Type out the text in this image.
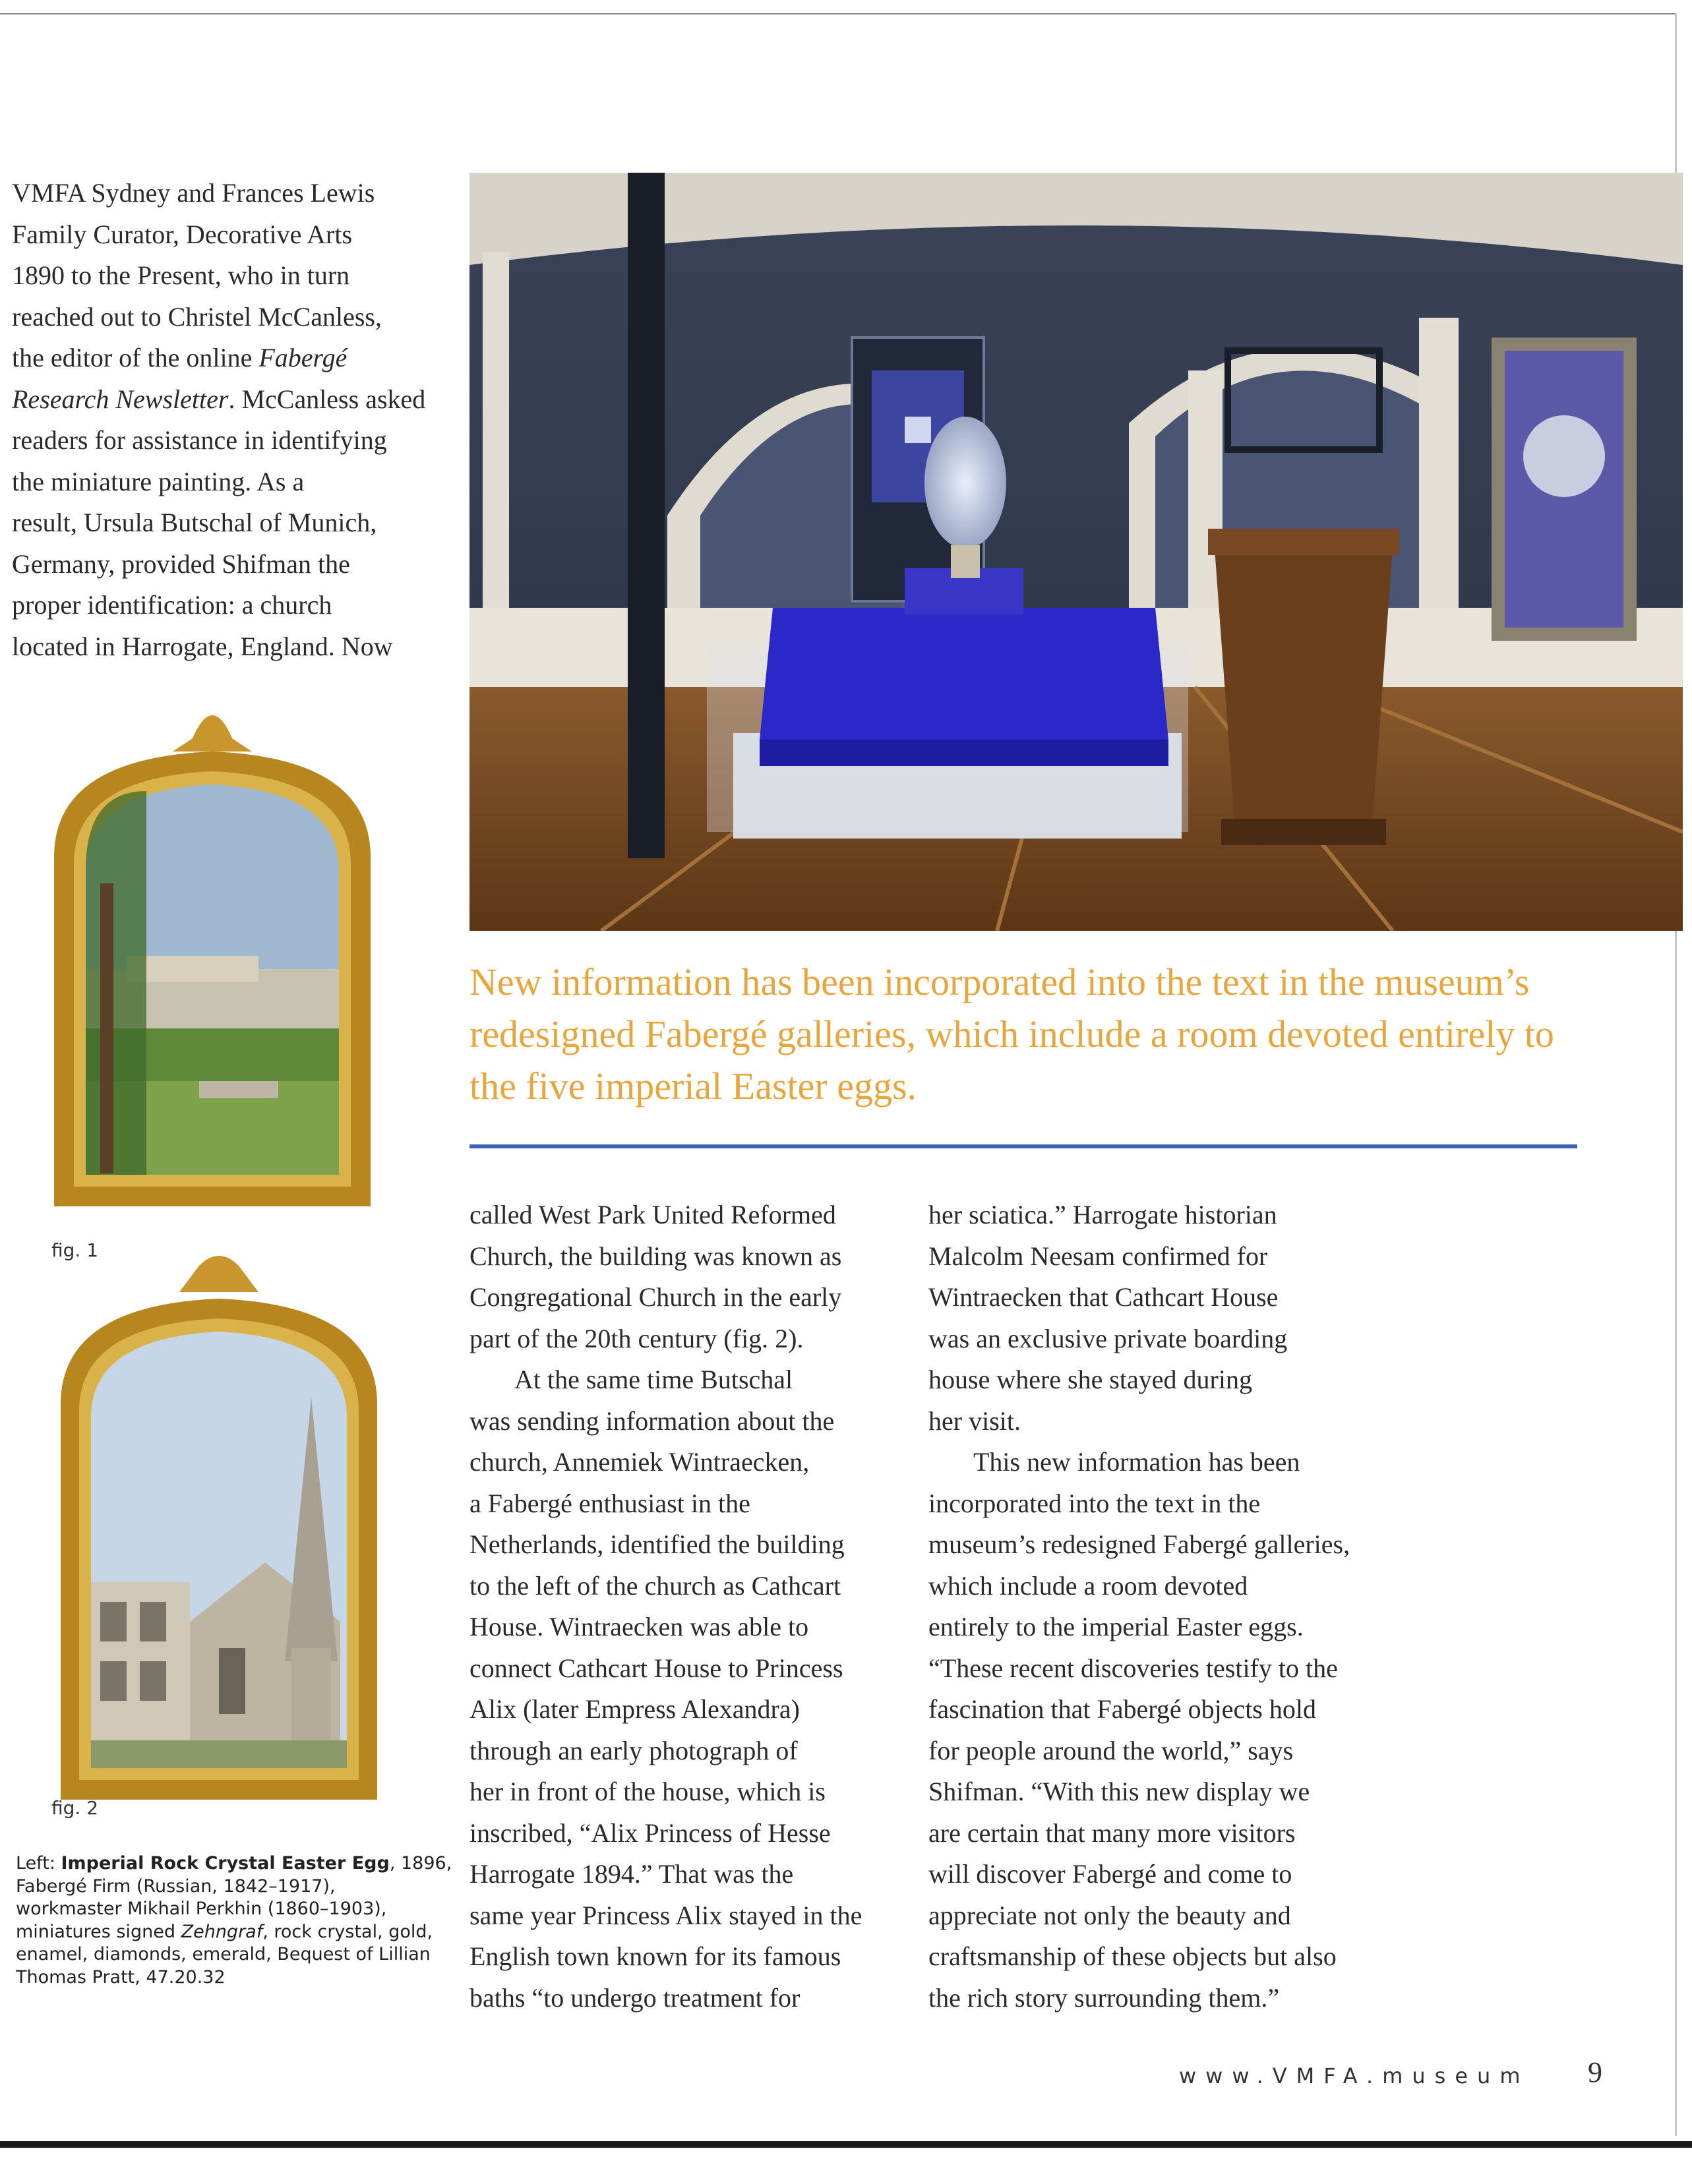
VMFA Sydney and Frances Lewis
Family Curator, Decorative Arts
1890 to the Present, who in turn
reached out to Christel McCanless,
the editor of the online Fabergé
Research Newsletter. McCanless asked
readers for assistance in identifying
the miniature painting. As a
result, Ursula Butschal of Munich,
Germany, provided Shifman the
proper identification: a church
located in Harrogate, England. Now
New information has been incorporated into the text in the museum’s
redesigned Fabergé galleries, which include a room devoted entirely to
the five imperial Easter eggs.
fig. 1
fig. 2
Left: Imperial Rock Crystal Easter Egg, 1896,
Fabergé Firm (Russian, 1842–1917),
workmaster Mikhail Perkhin (1860–1903),
miniatures signed Zehngraf, rock crystal, gold,
enamel, diamonds, emerald, Bequest of Lillian
Thomas Pratt, 47.20.32
called West Park United Reformed
Church, the building was known as
Congregational Church in the early
part of the 20th century (fig. 2).
At the same time Butschal
was sending information about the
church, Annemiek Wintraecken,
a Fabergé enthusiast in the
Netherlands, identified the building
to the left of the church as Cathcart
House. Wintraecken was able to
connect Cathcart House to Princess
Alix (later Empress Alexandra)
through an early photograph of
her in front of the house, which is
inscribed, “Alix Princess of Hesse
Harrogate 1894.” That was the
same year Princess Alix stayed in the
English town known for its famous
baths “to undergo treatment for
her sciatica.” Harrogate historian
Malcolm Neesam confirmed for
Wintraecken that Cathcart House
was an exclusive private boarding
house where she stayed during
her visit.
This new information has been
incorporated into the text in the
museum’s redesigned Fabergé galleries,
which include a room devoted
entirely to the imperial Easter eggs.
“These recent discoveries testify to the
fascination that Fabergé objects hold
for people around the world,” says
Shifman. “With this new display we
are certain that many more visitors
will discover Fabergé and come to
appreciate not only the beauty and
craftsmanship of these objects but also
the rich story surrounding them.”
www.VMFA.museum 9
